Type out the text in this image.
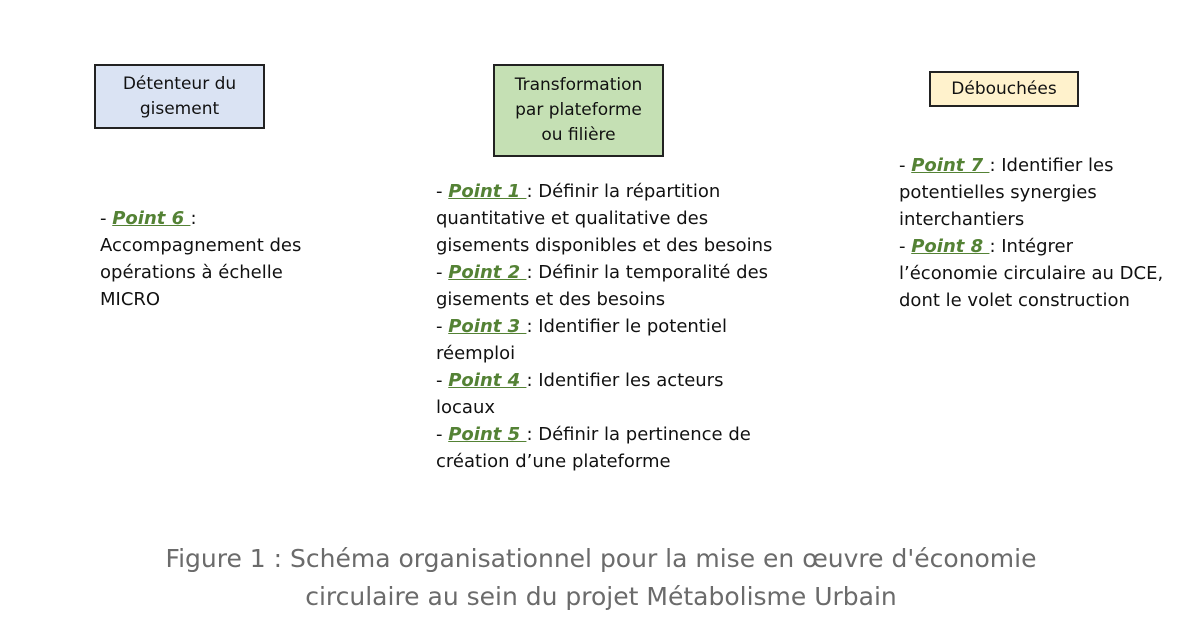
Détenteur du gisement
Transformation par plateforme ou filière
Débouchées
- Point 6 : Accompagnement des opérations à échelle MICRO
- Point 1 : Définir la répartition quantitative et qualitative des gisements disponibles et des besoins
- Point 2 : Définir la temporalité des gisements et des besoins
- Point 3 : Identifier le potentiel réemploi
- Point 4 : Identifier les acteurs locaux
- Point 5 : Définir la pertinence de création d’une plateforme
- Point 7 : Identifier les potentielles synergies interchantiers
- Point 8 : Intégrer l’économie circulaire au DCE, dont le volet construction
Figure 1 : Schéma organisationnel pour la mise en œuvre d'économie
circulaire au sein du projet Métabolisme Urbain
